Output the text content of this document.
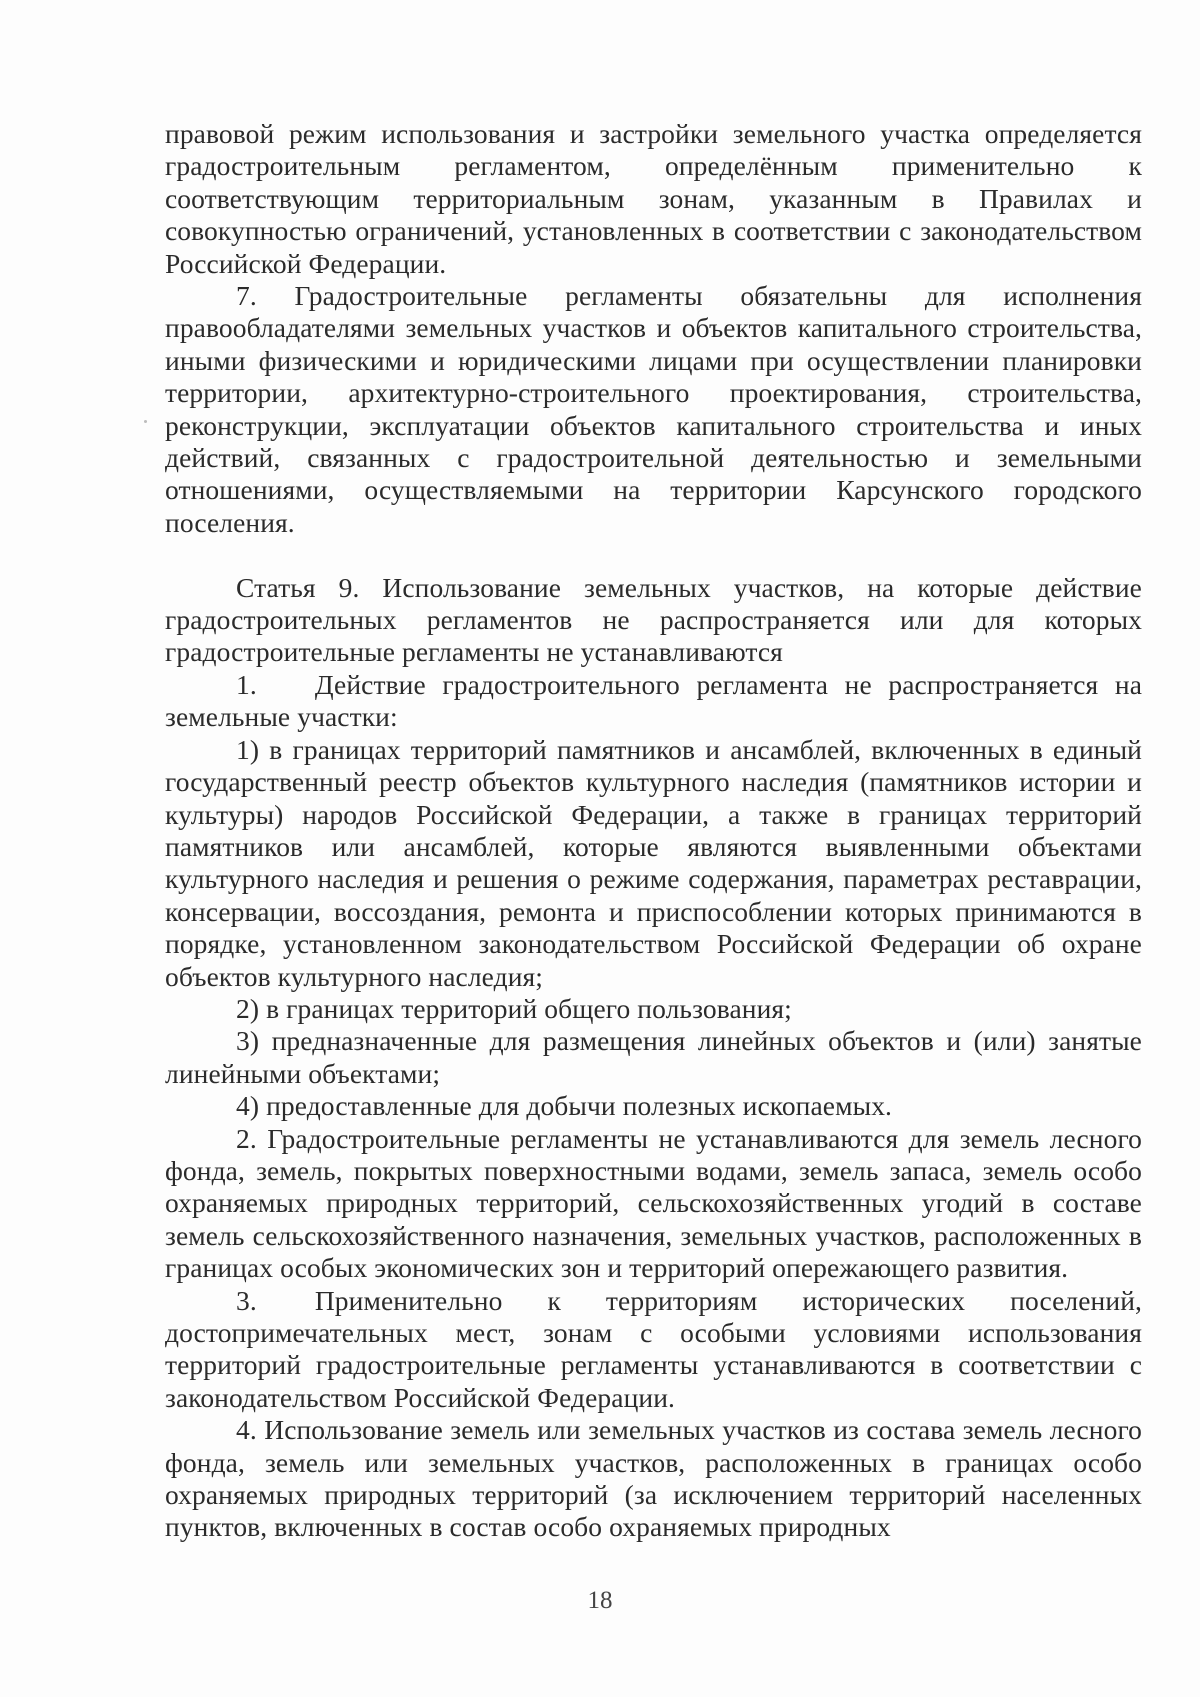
правовой режим использования и застройки земельного участка определяется градостроительным регламентом, определённым применительно к соответствующим территориальным зонам, указанным в Правилах и совокупностью ограничений, установленных в соответствии с законодательством Российской Федерации.

7. Градостроительные регламенты обязательны для исполнения правообладателями земельных участков и объектов капитального строительства, иными физическими и юридическими лицами при осуществлении планировки территории, архитектурно-строительного проектирования, строительства, реконструкции, эксплуатации объектов капитального строительства и иных действий, связанных с градостроительной деятельностью и земельными отношениями, осуществляемыми на территории Карсунского городского поселения.

Статья 9. Использование земельных участков, на которые действие градостроительных регламентов не распространяется или для которых градостроительные регламенты не устанавливаются

1. Действие градостроительного регламента не распространяется на земельные участки:

1) в границах территорий памятников и ансамблей, включенных в единый государственный реестр объектов культурного наследия (памятников истории и культуры) народов Российской Федерации, а также в границах территорий памятников или ансамблей, которые являются выявленными объектами культурного наследия и решения о режиме содержания, параметрах реставрации, консервации, воссоздания, ремонта и приспособлении которых принимаются в порядке, установленном законодательством Российской Федерации об охране объектов культурного наследия;

2) в границах территорий общего пользования;

3) предназначенные для размещения линейных объектов и (или) занятые линейными объектами;

4) предоставленные для добычи полезных ископаемых.

2. Градостроительные регламенты не устанавливаются для земель лесного фонда, земель, покрытых поверхностными водами, земель запаса, земель особо охраняемых природных территорий, сельскохозяйственных угодий в составе земель сельскохозяйственного назначения, земельных участков, расположенных в границах особых экономических зон и территорий опережающего развития.

3. Применительно к территориям исторических поселений, достопримечательных мест, зонам с особыми условиями использования территорий градостроительные регламенты устанавливаются в соответствии с законодательством Российской Федерации.

4. Использование земель или земельных участков из состава земель лесного фонда, земель или земельных участков, расположенных в границах особо охраняемых природных территорий (за исключением территорий населенных пунктов, включенных в состав особо охраняемых природных

18
